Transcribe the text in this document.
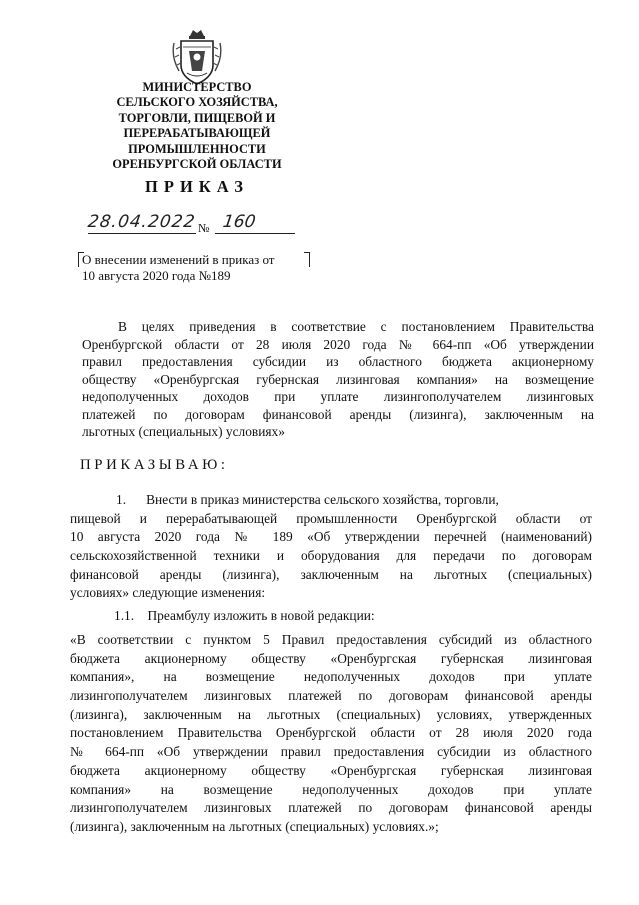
МИНИСТЕРСТВО
СЕЛЬСКОГО ХОЗЯЙСТВА,
ТОРГОВЛИ, ПИЩЕВОЙ И
ПЕРЕРАБАТЫВАЮЩЕЙ
ПРОМЫШЛЕННОСТИ
ОРЕНБУРГСКОЙ ОБЛАСТИ
ПРИКАЗ
28.04.2022 № 160
О внесении изменений в приказ от
10 августа 2020 года №189
В целях приведения в соответствие с постановлением Правительства
Оренбургской области от 28 июля 2020 года № 664-пп «Об утверждении
правил предоставления субсидии из областного бюджета акционерному
обществу «Оренбургская губернская лизинговая компания» на возмещение
недополученных доходов при уплате лизингополучателем лизинговых
платежей по договорам финансовой аренды (лизинга), заключенным на
льготных (специальных) условиях»
ПРИКАЗЫВАЮ:
1.      Внести в приказ министерства сельского хозяйства, торговли,
пищевой и перерабатывающей промышленности Оренбургской области от
10 августа 2020 года № 189 «Об утверждении перечней (наименований)
сельскохозяйственной техники и оборудования для передачи по договорам
финансовой аренды (лизинга), заключенным на льготных (специальных)
условиях» следующие изменения:
1.1.    Преамбулу изложить в новой редакции:
«В соответствии с пунктом 5 Правил предоставления субсидий из областного
бюджета акционерному обществу «Оренбургская губернская лизинговая
компания», на возмещение недополученных доходов при уплате
лизингополучателем лизинговых платежей по договорам финансовой аренды
(лизинга), заключенным на льготных (специальных) условиях, утвержденных
постановлением Правительства Оренбургской области от 28 июля 2020 года
№ 664-пп «Об утверждении правил предоставления субсидии из областного
бюджета акционерному обществу «Оренбургская губернская лизинговая
компания» на возмещение недополученных доходов при уплате
лизингополучателем лизинговых платежей по договорам финансовой аренды
(лизинга), заключенным на льготных (специальных) условиях.»;
